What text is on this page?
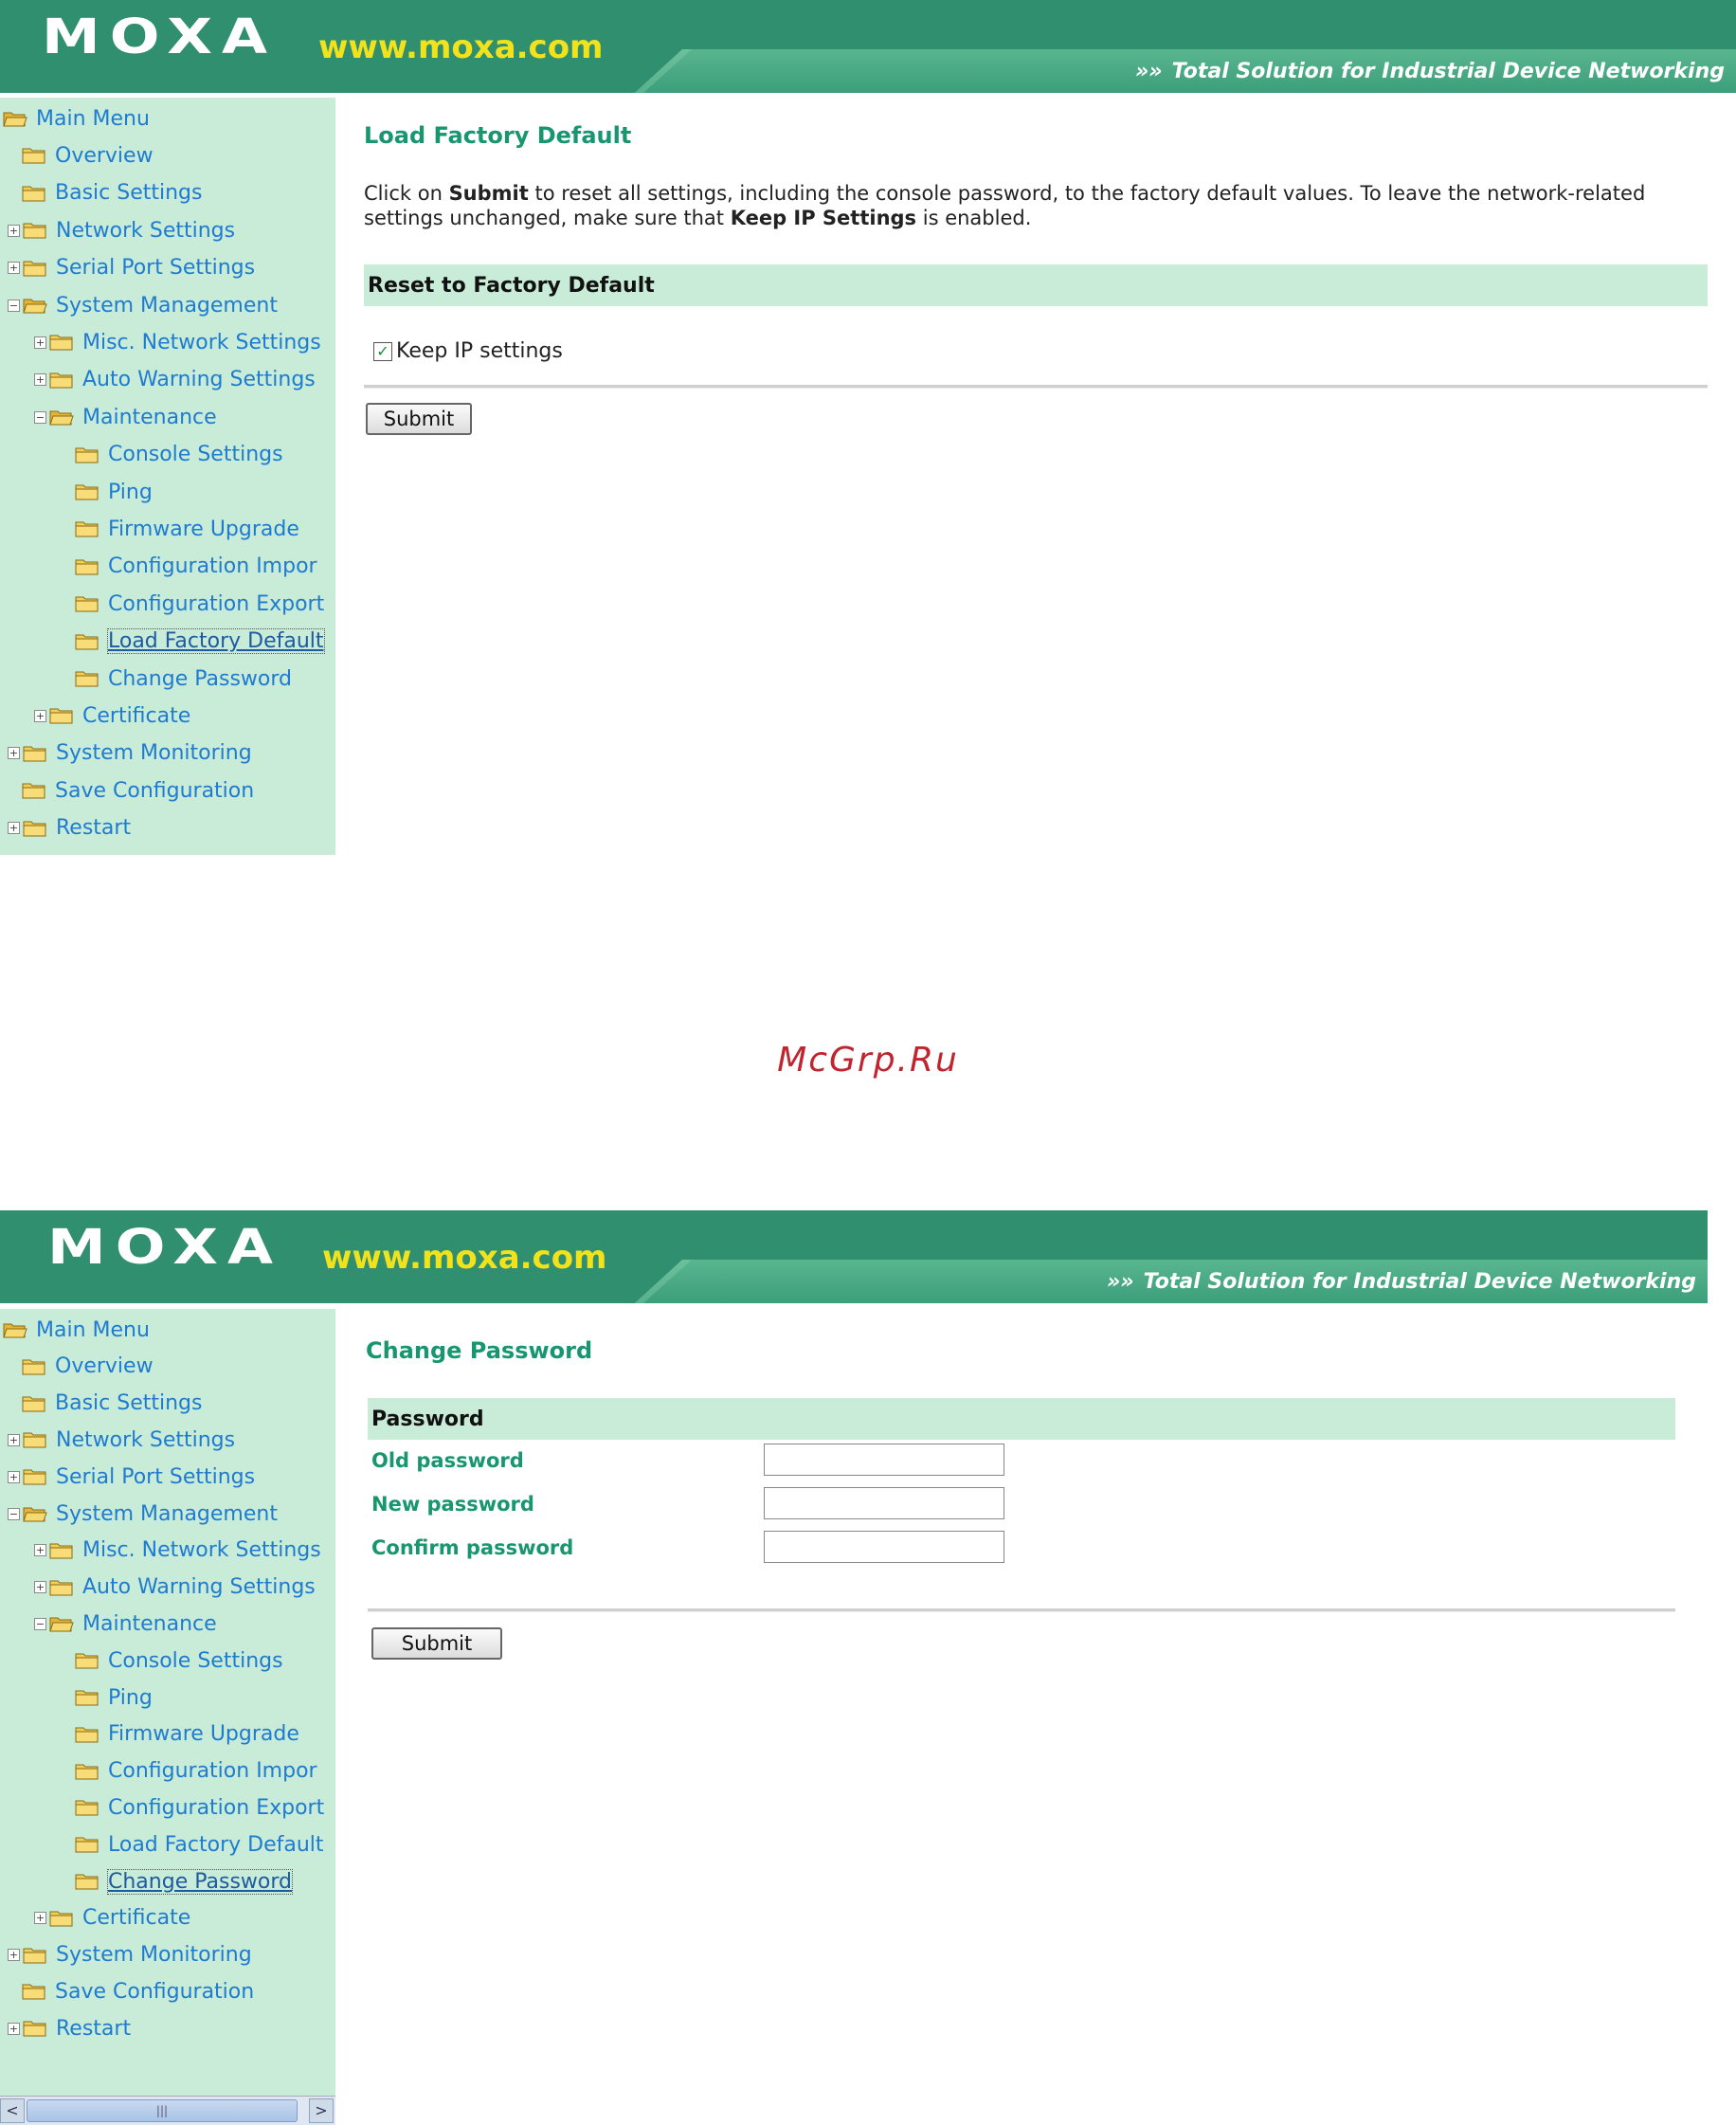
MOXA www.moxa.com
»» Total Solution for Industrial Device Networking
Main Menu
Overview
Basic Settings
+ Network Settings
+ Serial Port Settings
− System Management
+ Misc. Network Settings
+ Auto Warning Settings
− Maintenance
Console Settings
Ping
Firmware Upgrade
Configuration Impor
Configuration Export
Load Factory Default
Change Password
+ Certificate
+ System Monitoring
Save Configuration
+ Restart
Load Factory Default
Click on Submit to reset all settings, including the console password, to the factory default values. To leave the network-related settings unchanged, make sure that Keep IP Settings is enabled.
Reset to Factory Default
✓ Keep IP settings
Submit
McGrp.Ru
MOXA www.moxa.com
»» Total Solution for Industrial Device Networking
Main Menu
Overview
Basic Settings
+ Network Settings
+ Serial Port Settings
− System Management
+ Misc. Network Settings
+ Auto Warning Settings
− Maintenance
Console Settings
Ping
Firmware Upgrade
Configuration Impor
Configuration Export
Load Factory Default
Change Password
+ Certificate
+ System Monitoring
Save Configuration
+ Restart
<	|||	>
Change Password
Password
Old password
New password
Confirm password
Submit
